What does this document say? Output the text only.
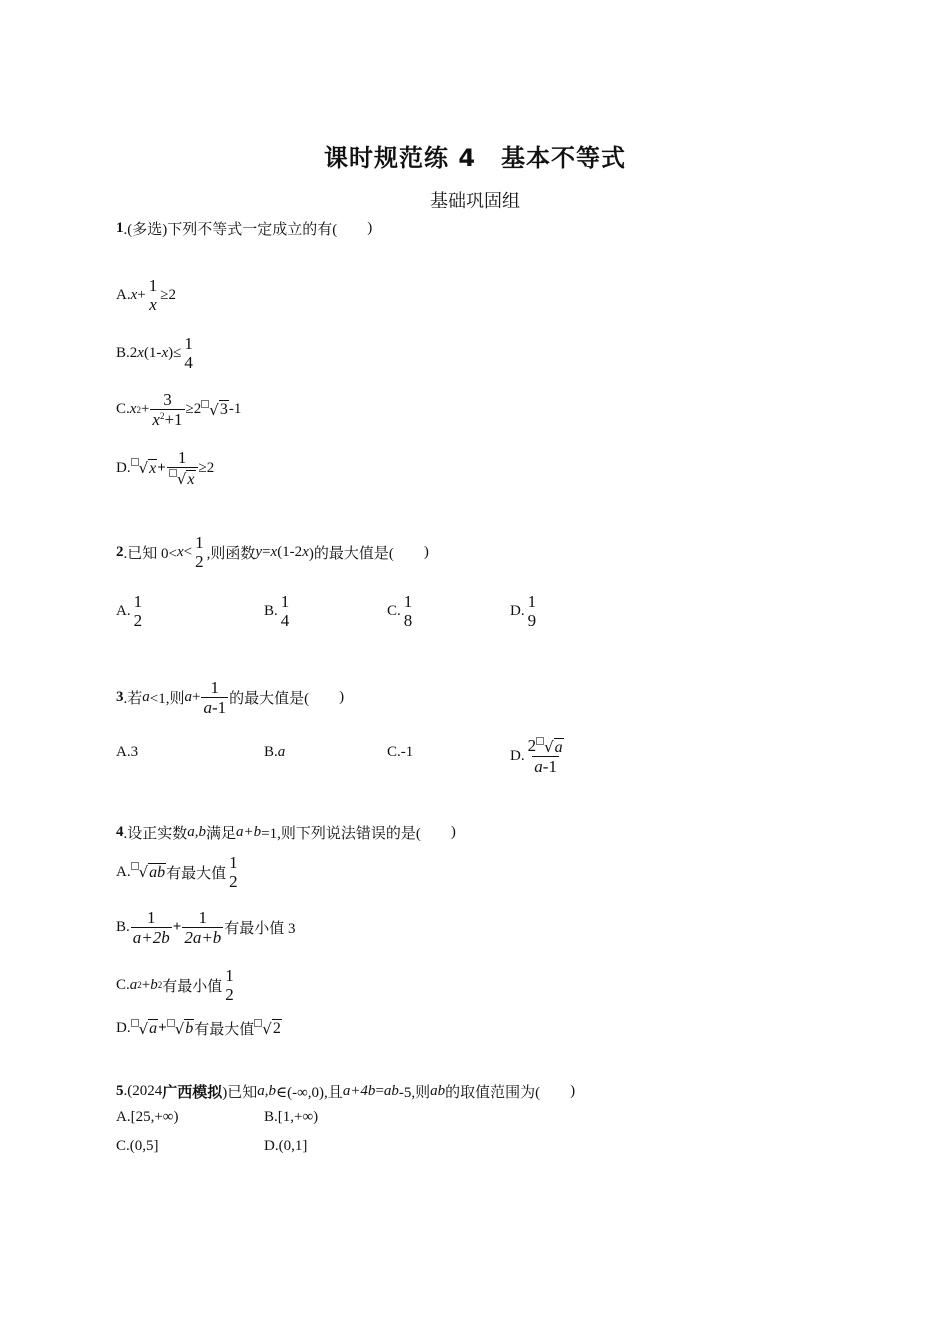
课时规范练 4　基本不等式
基础巩固组
1 .(多选)下列不等式一定成立的有( )
A. x + 1
x
≥2
B. 2 x (1- x )≤ 1
4
C. x $2 + \frac{3}{x^2+1} \ge 2$ √ 3 -1
D. √ $x + \frac{1}{√ x} \ge 2$
2 .已知 0< x < 1
2 ,则函数 y = x (1-2 x )的最大值是( )
A. 1
2
B. 1
4
C. 1
8
D. 1
9
3 .若 a <1,则 $a + \frac{1}{a-1}$ 的最大值是( )
A. 3	B. a	C. -1	D. $\frac{2 √ a}{a-1}$
4 .设正实数 a,b 满足 a+b =1,则下列说法错误的是( )
A. √ ab 有最大值
1
2
B. $\frac{1}{a+2b} + \frac{1}{2a+b}$ 有最小值 3
C. a 2 + b 2 有最小值
1
2
D. √ a + √ b 有最大值 √ 2
5 .(2024 广西模拟 )已知 a,b ∈(-∞,0),且 a+4b = ab -5,则 ab 的取值范围为( )
A.[25,+∞)	B.[1,+∞)
C.(0,5]	D.(0,1]
